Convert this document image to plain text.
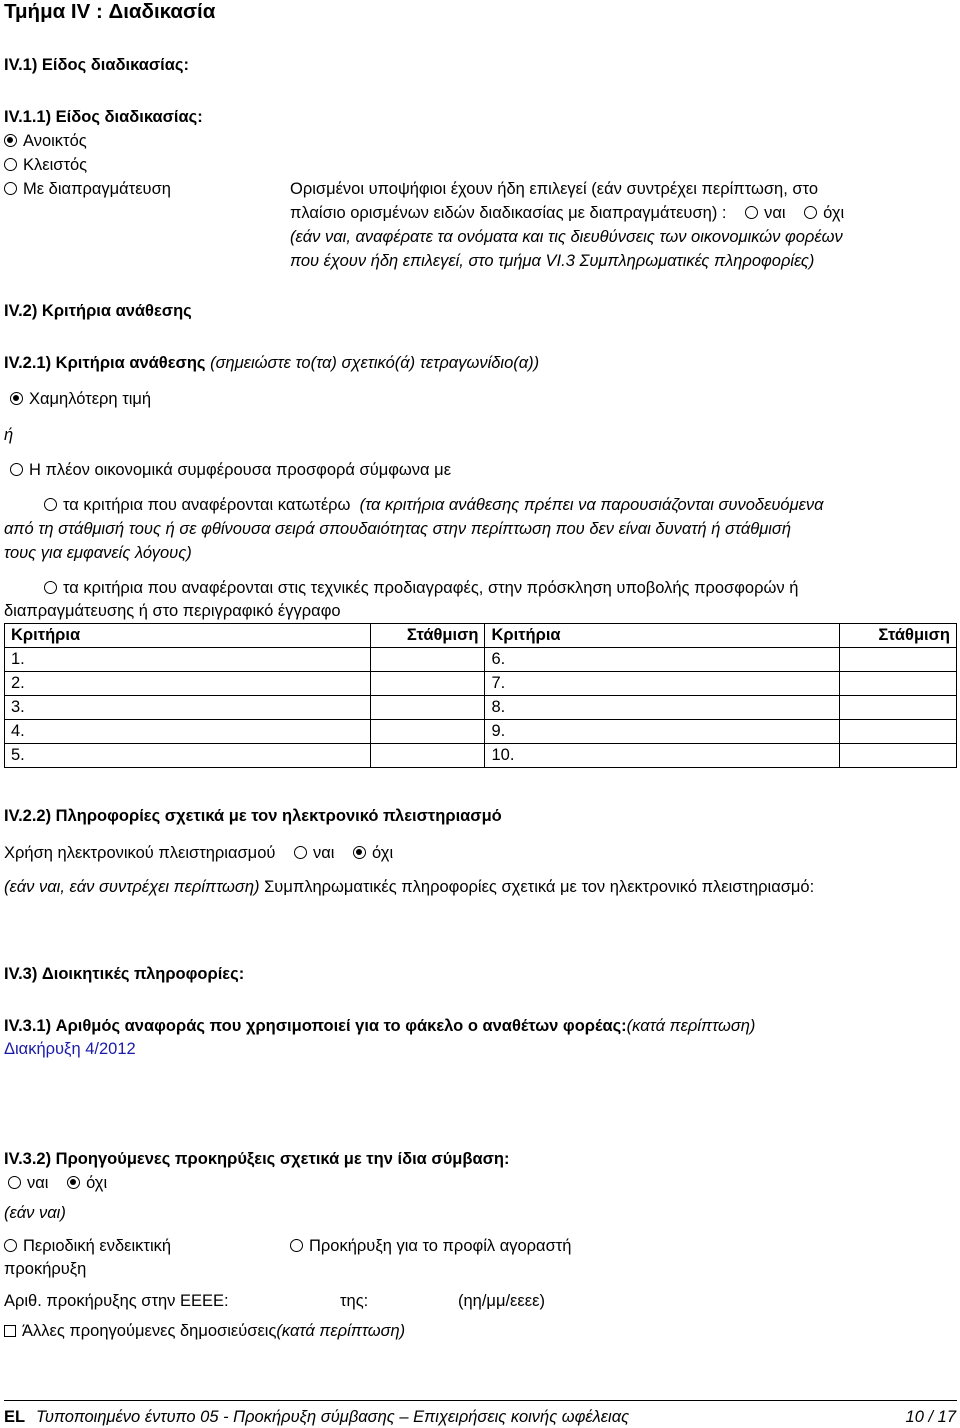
Τμήμα IV : Διαδικασία
IV.1) Είδος διαδικασίας:
IV.1.1) Είδος διαδικασίας:
Ανοικτός
Κλειστός
Με διαπραγμάτευση	Ορισμένοι υποψήφιοι έχουν ήδη επιλεγεί (εάν συντρέχει περίπτωση, στο
πλαίσιο ορισμένων ειδών διαδικασίας με διαπραγμάτευση) : ναι όχι
(εάν ναι, αναφέρατε τα ονόματα και τις διευθύνσεις των οικονομικών φορέων
που έχουν ήδη επιλεγεί, στο τμήμα VI.3 Συμπληρωματικές πληροφορίες)
IV.2) Κριτήρια ανάθεσης
IV.2.1) Κριτήρια ανάθεσης (σημειώστε το(τα) σχετικό(ά) τετραγωνίδιο(α))
Χαμηλότερη τιμή
ή
Η πλέον οικονομικά συμφέρουσα προσφορά σύμφωνα με
τα κριτήρια που αναφέρονται κατωτέρω (τα κριτήρια ανάθεσης πρέπει να παρουσιάζονται συνοδευόμενα
από τη στάθμισή τους ή σε φθίνουσα σειρά σπουδαιότητας στην περίπτωση που δεν είναι δυνατή ή στάθμισή
τους για εμφανείς λόγους)
τα κριτήρια που αναφέρονται στις τεχνικές προδιαγραφές, στην πρόσκληση υποβολής προσφορών ή
διαπραγμάτευσης ή στο περιγραφικό έγγραφο
Κριτήρια	Στάθμιση	Κριτήρια	Στάθμιση
1.		6.	
2.		7.	
3.		8.	
4.		9.	
5.		10.	
IV.2.2) Πληροφορίες σχετικά με τον ηλεκτρονικό πλειστηριασμό
Χρήση ηλεκτρονικού πλειστηριασμού ναι όχι
(εάν ναι, εάν συντρέχει περίπτωση) Συμπληρωματικές πληροφορίες σχετικά με τον ηλεκτρονικό πλειστηριασμό:
IV.3) Διοικητικές πληροφορίες:
IV.3.1) Αριθμός αναφοράς που χρησιμοποιεί για το φάκελο ο αναθέτων φορέας:(κατά περίπτωση)
Διακήρυξη 4/2012
IV.3.2) Προηγούμενες προκηρύξεις σχετικά με την ίδια σύμβαση:
ναι όχι
(εάν ναι)
Περιοδική ενδεικτική
προκήρυξη
Προκήρυξη για το προφίλ αγοραστή
Αριθ. προκήρυξης στην ΕΕΕΕ:	της:	(ηη/μμ/εεεε)
Άλλες προηγούμενες δημοσιεύσεις(κατά περίπτωση)
EL Τυποποιημένο έντυπο 05 - Προκήρυξη σύμβασης – Επιχειρήσεις κοινής ωφέλειας	10 / 17
